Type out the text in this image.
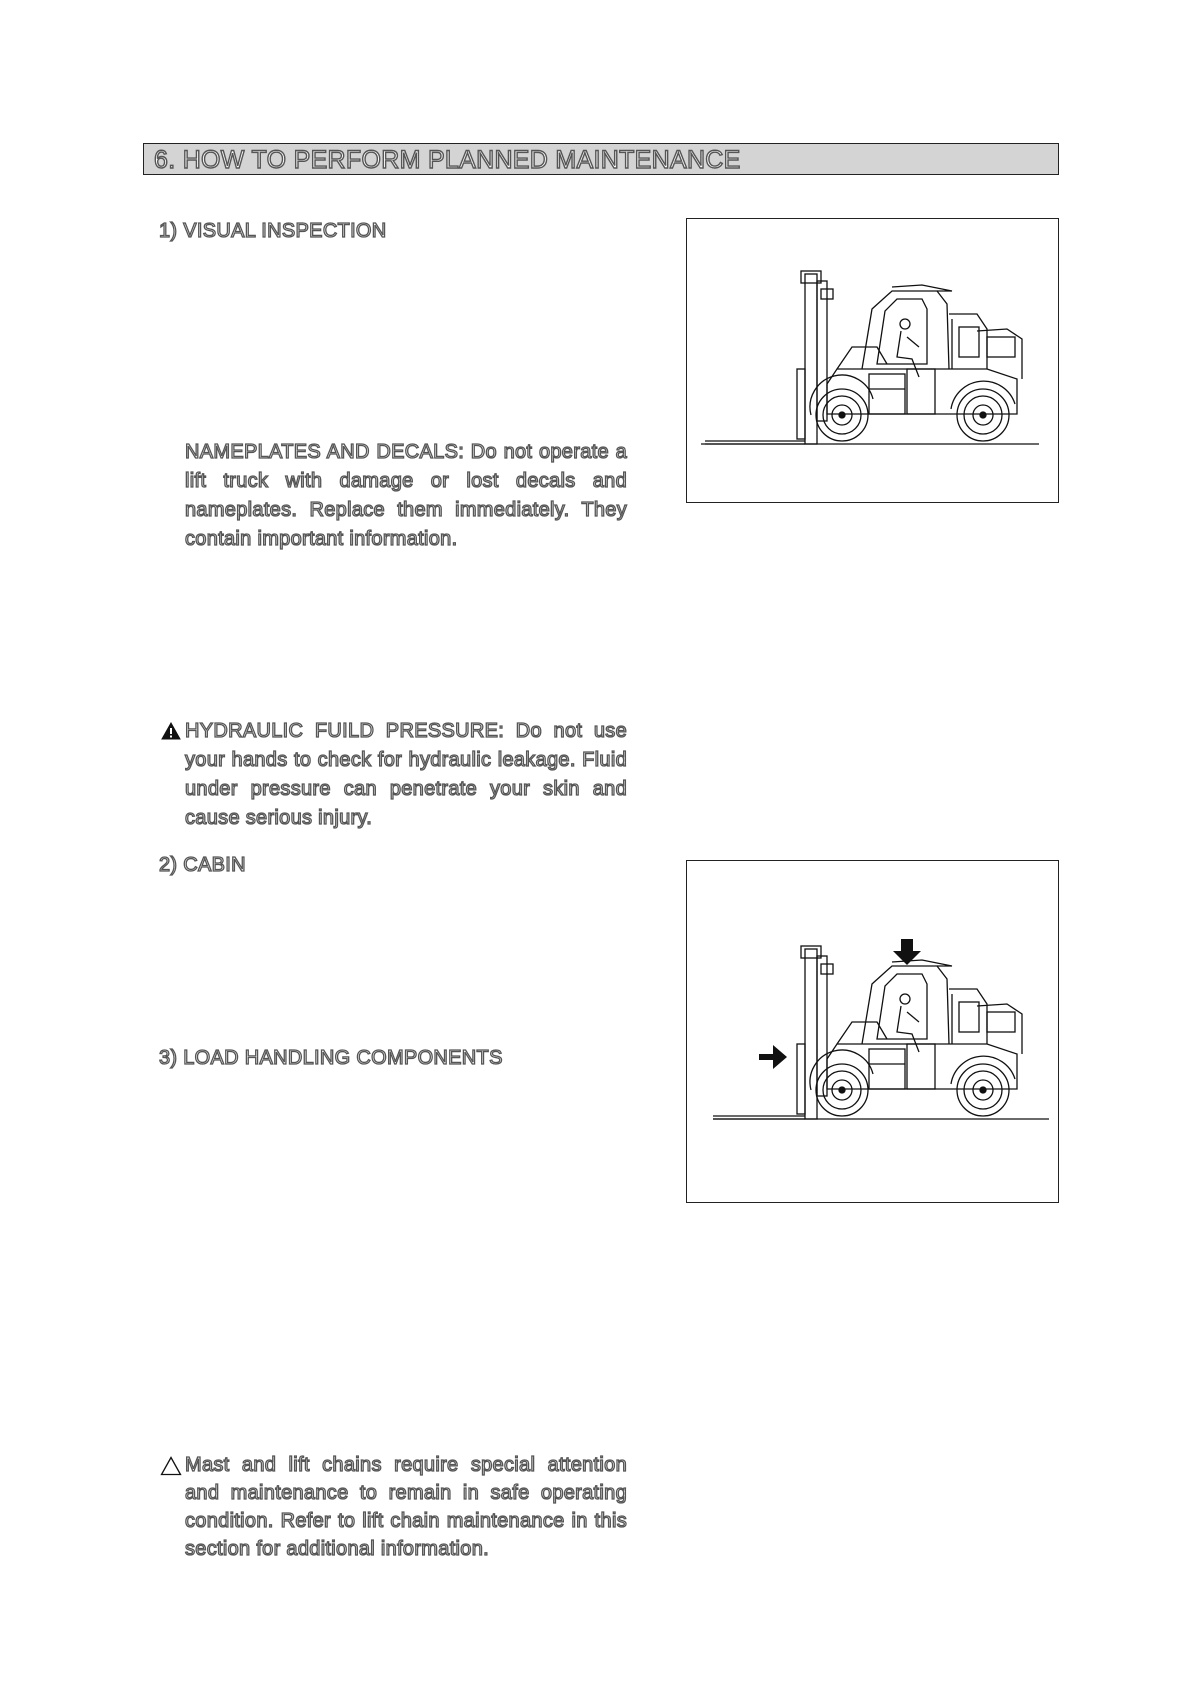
6. HOW TO PERFORM PLANNED MAINTENANCE
1) VISUAL INSPECTION
NAMEPLATES AND DECALS: Do not operate a lift truck with damage or lost decals and nameplates. Replace them immediately. They contain important information.
HYDRAULIC FUILD PRESSURE: Do not use your hands to check for hydraulic leakage. Fluid under pressure can penetrate your skin and cause serious injury.
2) CABIN
3) LOAD HANDLING COMPONENTS
Mast and lift chains require special attention and maintenance to remain in safe operating condition. Refer to lift chain maintenance in this section for additional information.
